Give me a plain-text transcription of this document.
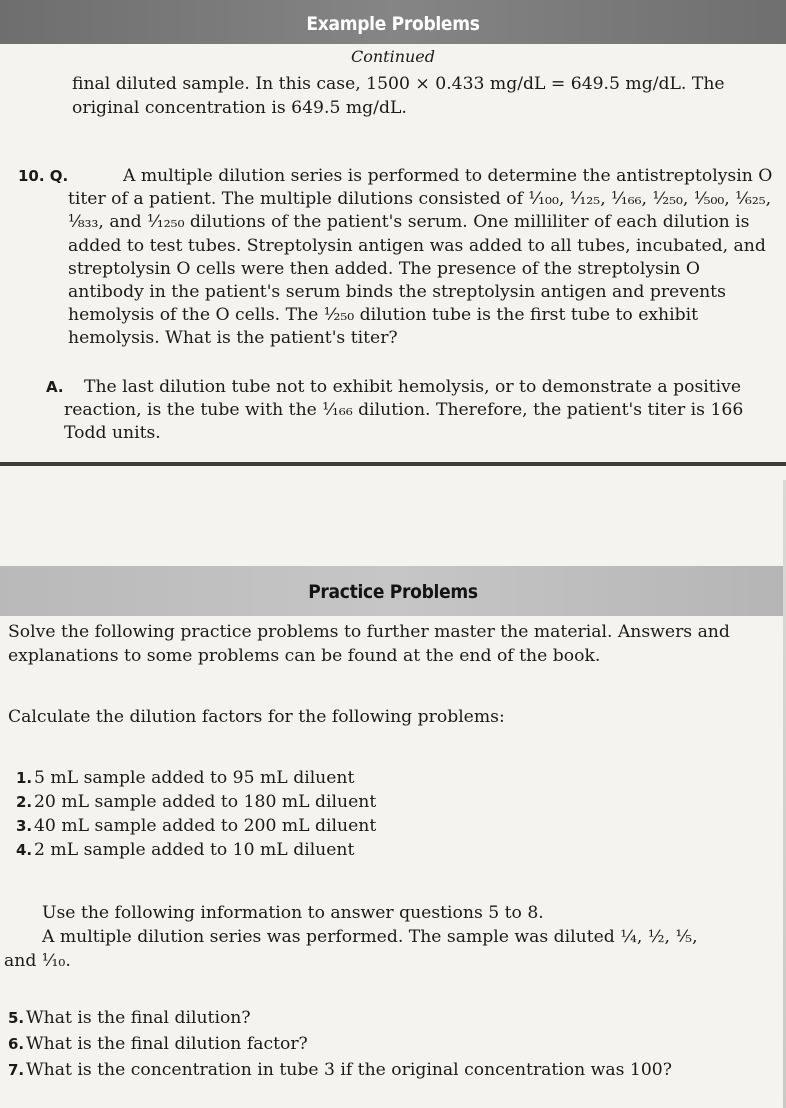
Example Problems
Continued

final diluted sample. In this case, 1500 × 0.433 mg/dL = 649.5 mg/dL. The original concentration is 649.5 mg/dL.

10. Q.	A multiple dilution series is performed to determine the antistreptolysin O titer of a patient. The multiple dilutions consisted of ¹⁄₁₀₀, ¹⁄₁₂₅, ¹⁄₁₆₆, ¹⁄₂₅₀, ¹⁄₅₀₀, ¹⁄₆₂₅, ¹⁄₈₃₃, and ¹⁄₁₂₅₀ dilutions of the patient's serum. One milliliter of each dilution is added to test tubes. Streptolysin antigen was added to all tubes, incubated, and streptolysin O cells were then added. The presence of the streptolysin O antibody in the patient's serum binds the streptolysin antigen and prevents hemolysis of the O cells. The ¹⁄₂₅₀ dilution tube is the first tube to exhibit hemolysis. What is the patient's titer?

A.	The last dilution tube not to exhibit hemolysis, or to demonstrate a positive reaction, is the tube with the ¹⁄₁₆₆ dilution. Therefore, the patient's titer is 166 Todd units.

Practice Problems

Solve the following practice problems to further master the material. Answers and explanations to some problems can be found at the end of the book.

Calculate the dilution factors for the following problems:

1. 5 mL sample added to 95 mL diluent
2. 20 mL sample added to 180 mL diluent
3. 40 mL sample added to 200 mL diluent
4. 2 mL sample added to 10 mL diluent
Use the following information to answer questions 5 to 8.
A multiple dilution series was performed. The sample was diluted ¼, ½, ⅕,
and ¹⁄₁₀.
5. What is the final dilution?
6. What is the final dilution factor?
7. What is the concentration in tube 3 if the original concentration was 100?
